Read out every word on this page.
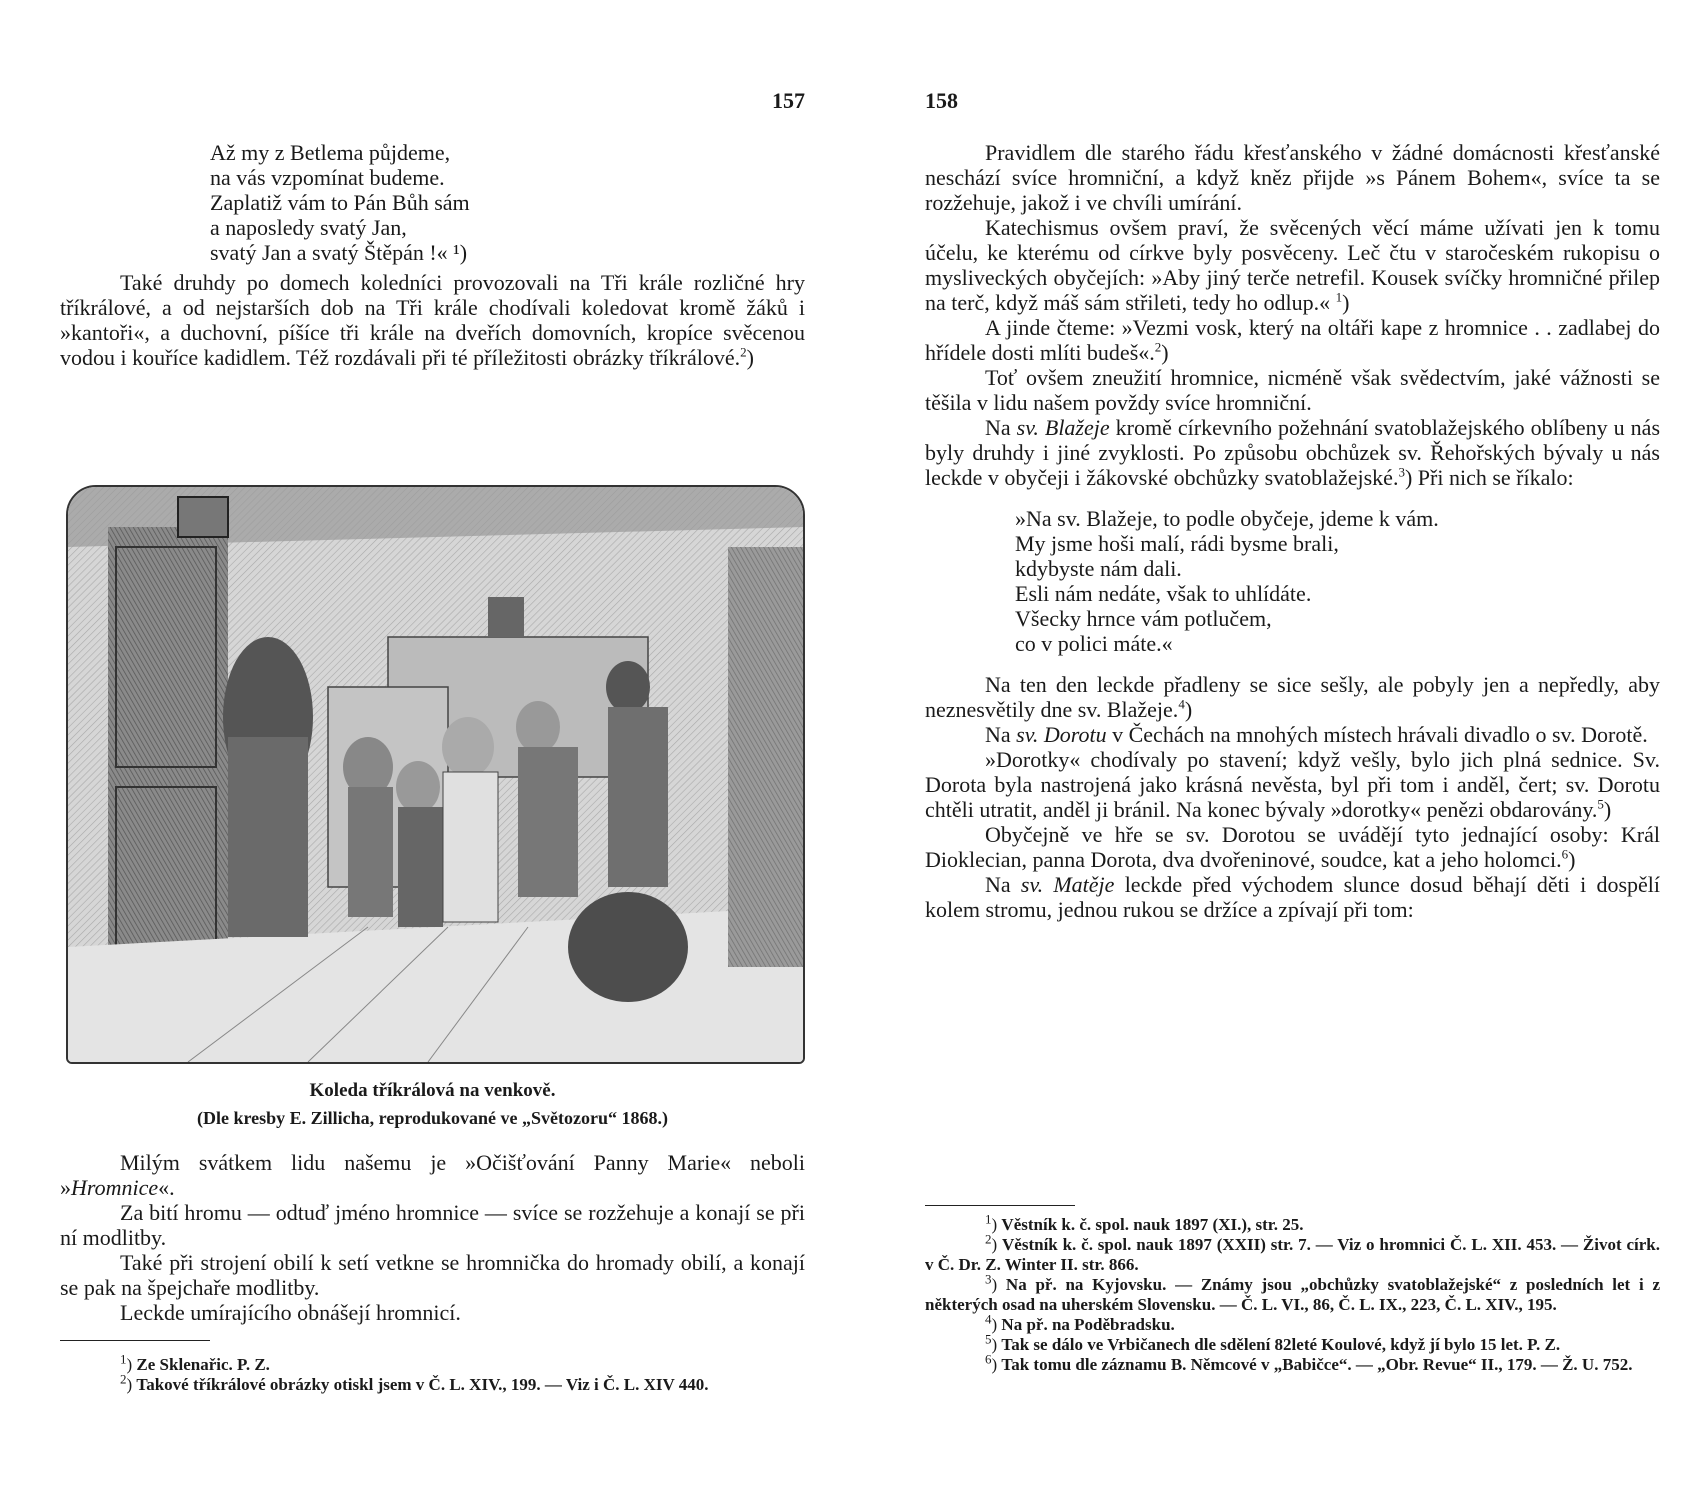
157
Až my z Betlema půjdeme,
na vás vzpomínat budeme.
Zaplatiž vám to Pán Bůh sám
a naposledy svatý Jan,
svatý Jan a svatý Štěpán !« ¹)

Také druhdy po domech koledníci provozovali na Tři krále rozličné hry tříkrálové, a od nejstarších dob na Tři krále chodívali koledovat kromě žáků i »kantoři«, a duchovní, píšíce tři krále na dveřích domovních, kropíce svěcenou vodou i kouříce kadidlem. Též rozdávali při té příležitosti obrázky tříkrálové.$^2$)

Koleda tříkrálová na venkově.
(Dle kresby E. Zillicha, reprodukované ve „Světozoru“ 1868.)

Milým svátkem lidu našemu je »Očišťování Panny Marie« neboli »Hromnice«.

Za bití hromu — odtuď jméno hromnice — svíce se rozžehuje a konají se při ní modlitby.

Také při strojení obilí k setí vetkne se hromnička do hromady obilí, a konají se pak na špejchaře modlitby.

Leckde umírajícího obnášejí hromnicí.

$^1$) Ze Sklenařic. P. Z.

$^2$) Takové tříkrálové obrázky otiskl jsem v Č. L. XIV., 199. — Viz i Č. L. XIV 440.

158

Pravidlem dle starého řádu křesťanského v žádné domácnosti křesťanské neschází svíce hromniční, a když kněz přijde »s Pánem Bohem«, svíce ta se rozžehuje, jakož i ve chvíli umírání.

Katechismus ovšem praví, že svěcených věcí máme užívati jen k tomu účelu, ke kterému od církve byly posvěceny. Leč čtu v staročeském rukopisu o mysliveckých obyčejích: »Aby jiný terče netrefil. Kousek svíčky hromničné přilep na terč, když máš sám střileti, tedy ho odlup.« $^1$)

A jinde čteme: »Vezmi vosk, který na oltáři kape z hromnice . . zadlabej do hřídele dosti mlíti budeš«.$^2$)

Toť ovšem zneužití hromnice, nicméně však svědectvím, jaké vážnosti se těšila v lidu našem povždy svíce hromniční.

Na sv. Blažeje kromě církevního požehnání svatoblažejského oblíbeny u nás byly druhdy i jiné zvyklosti. Po způsobu obchůzek sv. Řehořských bývaly u nás leckde v obyčeji i žákovské obchůzky svatoblažejské.$^3$) Při nich se říkalo:

»Na sv. Blažeje, to podle obyčeje, jdeme k vám.
My jsme hoši malí, rádi bysme brali,
kdybyste nám dali.
Esli nám nedáte, však to uhlídáte.
Všecky hrnce vám potlučem,
co v polici máte.«

Na ten den leckde přadleny se sice sešly, ale pobyly jen a nepředly, aby neznesvětily dne sv. Blažeje.$^4$)

Na sv. Dorotu v Čechách na mnohých místech hrávali divadlo o sv. Dorotě.

»Dorotky« chodívaly po stavení; když vešly, bylo jich plná sednice. Sv. Dorota byla nastrojená jako krásná nevěsta, byl při tom i anděl, čert; sv. Dorotu chtěli utratit, anděl ji bránil. Na konec bývaly »dorotky« penězi obdarovány.$^5$)

Obyčejně ve hře se sv. Dorotou se uvádějí tyto jednající osoby: Král Dioklecian, panna Dorota, dva dvořeninové, soudce, kat a jeho holomci.$^6$)

Na sv. Matěje leckde před východem slunce dosud běhají děti i dospělí kolem stromu, jednou rukou se držíce a zpívají při tom:

$^1$) Věstník k. č. spol. nauk 1897 (XI.), str. 25.

$^2$) Věstník k. č. spol. nauk 1897 (XXII) str. 7. — Viz o hromnici Č. L. XII. 453. — Život círk. v Č. Dr. Z. Winter II. str. 866.

$^3$) Na př. na Kyjovsku. — Známy jsou „obchůzky svatoblažejské“ z posledních let i z některých osad na uherském Slovensku. — Č. L. VI., 86, Č. L. IX., 223, Č. L. XIV., 195.

$^4$) Na př. na Poděbradsku.

$^5$) Tak se dálo ve Vrbičanech dle sdělení 82leté Koulové, když jí bylo 15 let. P. Z.

$^6$) Tak tomu dle záznamu B. Němcové v „Babičce“. — „Obr. Revue“ II., 179. — Ž. U. 752.
